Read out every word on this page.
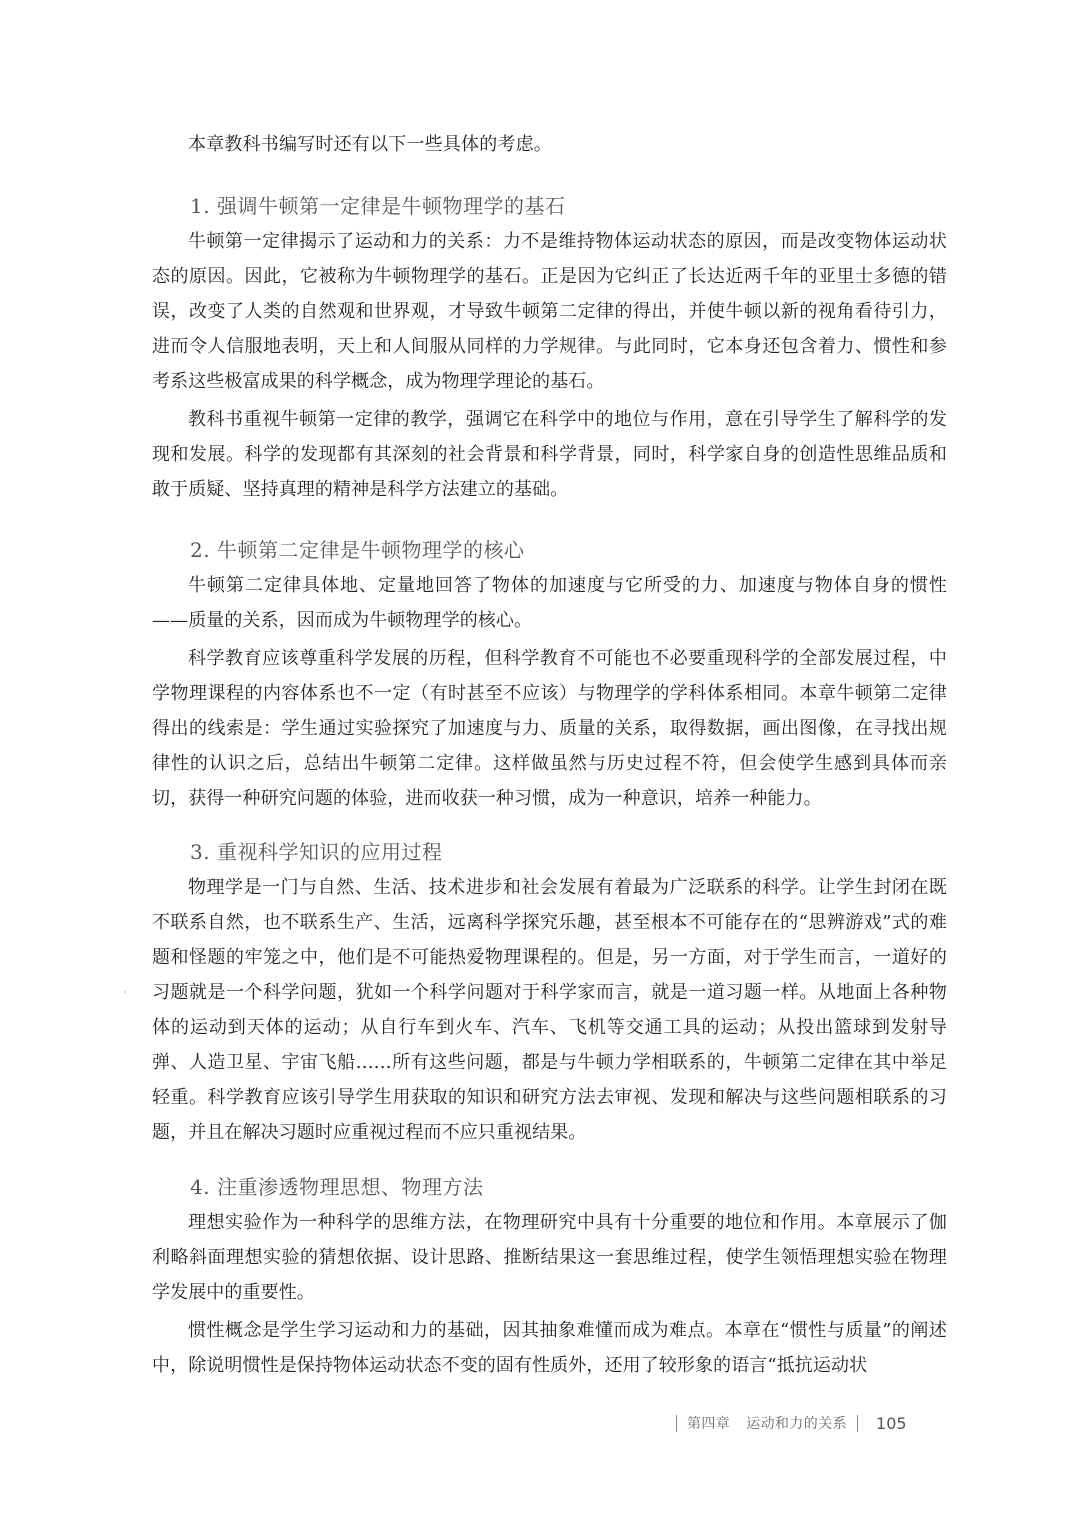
本章教科书编写时还有以下一些具体的考虑。

1. 强调牛顿第一定律是牛顿物理学的基石

牛顿第一定律揭示了运动和力的关系：力不是维持物体运动状态的原因，而是改变物体运动状态的原因。因此，它被称为牛顿物理学的基石。正是因为它纠正了长达近两千年的亚里士多德的错误，改变了人类的自然观和世界观，才导致牛顿第二定律的得出，并使牛顿以新的视角看待引力，进而令人信服地表明，天上和人间服从同样的力学规律。与此同时，它本身还包含着力、惯性和参考系这些极富成果的科学概念，成为物理学理论的基石。

教科书重视牛顿第一定律的教学，强调它在科学中的地位与作用，意在引导学生了解科学的发现和发展。科学的发现都有其深刻的社会背景和科学背景，同时，科学家自身的创造性思维品质和敢于质疑、坚持真理的精神是科学方法建立的基础。

2. 牛顿第二定律是牛顿物理学的核心

牛顿第二定律具体地、定量地回答了物体的加速度与它所受的力、加速度与物体自身的惯性——质量的关系，因而成为牛顿物理学的核心。

科学教育应该尊重科学发展的历程，但科学教育不可能也不必要重现科学的全部发展过程，中学物理课程的内容体系也不一定（有时甚至不应该）与物理学的学科体系相同。本章牛顿第二定律得出的线索是：学生通过实验探究了加速度与力、质量的关系，取得数据，画出图像，在寻找出规律性的认识之后，总结出牛顿第二定律。这样做虽然与历史过程不符，但会使学生感到具体而亲切，获得一种研究问题的体验，进而收获一种习惯，成为一种意识，培养一种能力。

3. 重视科学知识的应用过程

物理学是一门与自然、生活、技术进步和社会发展有着最为广泛联系的科学。让学生封闭在既不联系自然，也不联系生产、生活，远离科学探究乐趣，甚至根本不可能存在的“思辨游戏”式的难题和怪题的牢笼之中，他们是不可能热爱物理课程的。但是，另一方面，对于学生而言，一道好的习题就是一个科学问题，犹如一个科学问题对于科学家而言，就是一道习题一样。从地面上各种物体的运动到天体的运动；从自行车到火车、汽车、飞机等交通工具的运动；从投出篮球到发射导弹、人造卫星、宇宙飞船……所有这些问题，都是与牛顿力学相联系的，牛顿第二定律在其中举足轻重。科学教育应该引导学生用获取的知识和研究方法去审视、发现和解决与这些问题相联系的习题，并且在解决习题时应重视过程而不应只重视结果。

4. 注重渗透物理思想、物理方法

理想实验作为一种科学的思维方法，在物理研究中具有十分重要的地位和作用。本章展示了伽利略斜面理想实验的猜想依据、设计思路、推断结果这一套思维过程，使学生领悟理想实验在物理学发展中的重要性。

惯性概念是学生学习运动和力的基础，因其抽象难懂而成为难点。本章在“惯性与质量”的阐述中，除说明惯性是保持物体运动状态不变的固有性质外，还用了较形象的语言“抵抗运动状

第四章 运动和力的关系 105
